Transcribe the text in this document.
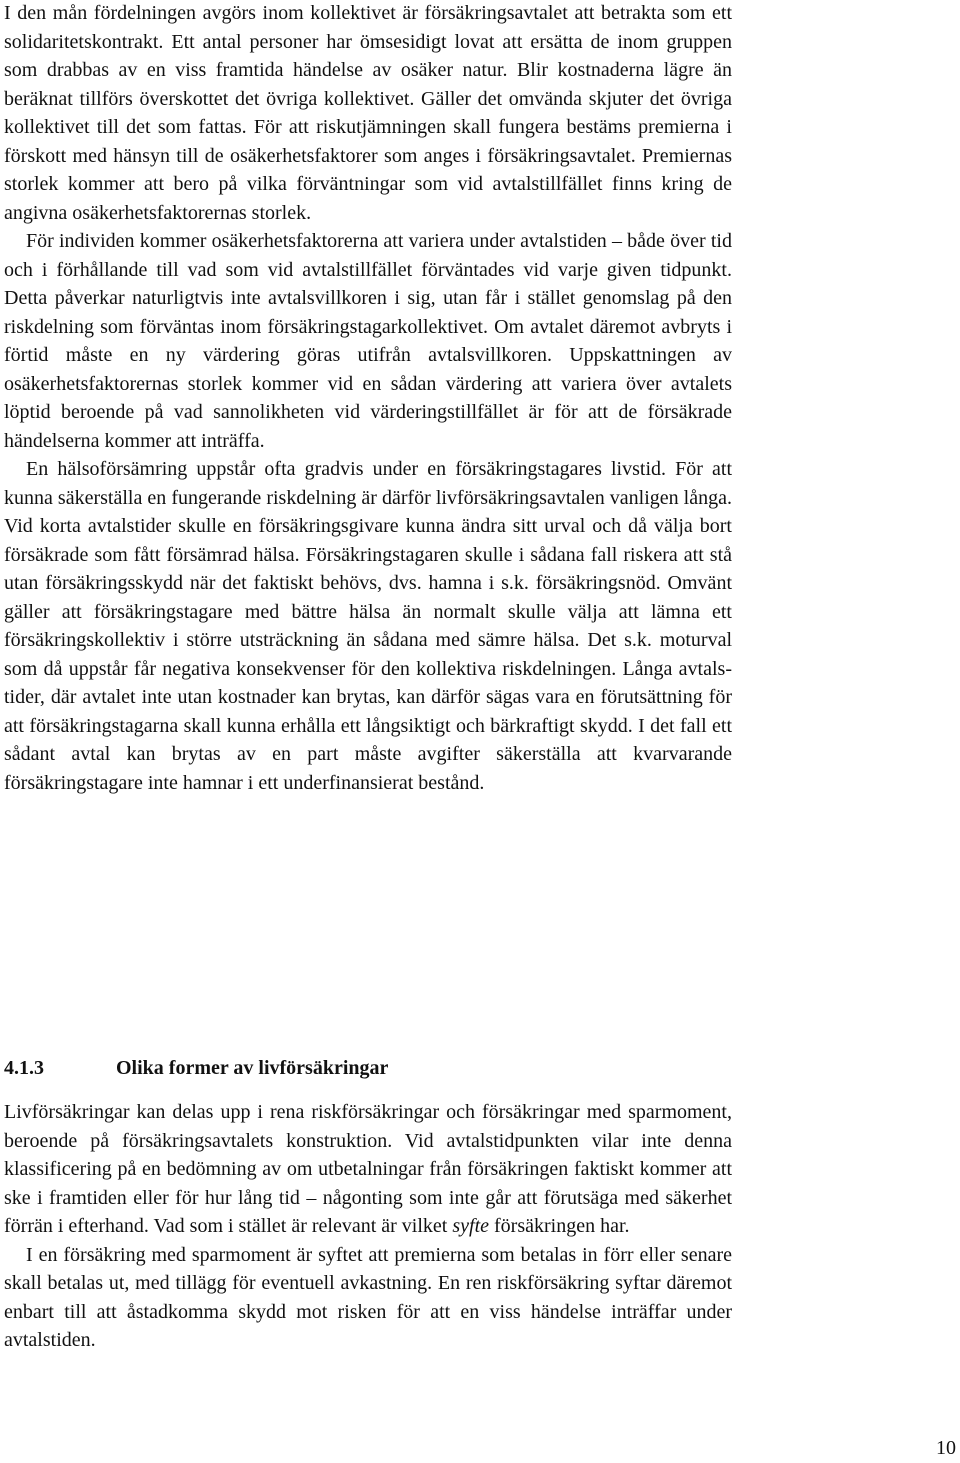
I den mån fördelningen avgörs inom kollektivet är försäkringsavtalet att betrakta som ett solidaritetskontrakt. Ett antal personer har ömsesidigt lovat att ersätta de inom gruppen som drabbas av en viss framtida händelse av osäker natur. Blir kostnaderna lägre än beräknat tillförs överskottet det övriga kollektivet. Gäller det omvända skjuter det övriga kollektivet till det som fattas. För att riskutjämningen skall fungera bestäms premierna i förskott med hänsyn till de osäkerhetsfaktorer som anges i försäkringsavtalet. Premiernas storlek kommer att bero på vilka förväntningar som vid avtalstillfället finns kring de angivna osäkerhetsfaktorernas storlek.

För individen kommer osäkerhetsfaktorerna att variera under avtalstiden – både över tid och i förhållande till vad som vid avtalstillfället förväntades vid varje given tidpunkt. Detta påverkar naturligtvis inte avtalsvillkoren i sig, utan får i stället genomslag på den riskdelning som förväntas inom försäkringstagarkollektivet. Om avtalet däremot avbryts i förtid måste en ny värdering göras utifrån avtalsvillkoren. Uppskattningen av osäkerhetsfaktorernas storlek kommer vid en sådan värdering att variera över avtalets löptid beroende på vad sannolikheten vid värderingstillfället är för att de försäkrade händelserna kommer att inträffa.

En hälsoförsämring uppstår ofta gradvis under en försäkringstagares livstid. För att kunna säkerställa en fungerande riskdelning är därför livförsäkringsavtalen vanligen långa. Vid korta avtalstider skulle en försäkringsgivare kunna ändra sitt urval och då välja bort försäkrade som fått försämrad hälsa. Försäkringstagaren skulle i sådana fall riskera att stå utan försäkringsskydd när det faktiskt behövs, dvs. hamna i s.k. försäkringsnöd. Omvänt gäller att försäkringstagare med bättre hälsa än normalt skulle välja att lämna ett försäkringskollektiv i större utsträckning än sådana med sämre hälsa. Det s.k. moturval som då uppstår får negativa konsekvenser för den kollektiva riskdelningen. Långa avtalstider, där avtalet inte utan kostnader kan brytas, kan därför sägas vara en förutsättning för att försäkringstagarna skall kunna erhålla ett långsiktigt och bärkraftigt skydd. I det fall ett sådant avtal kan brytas av en part måste avgifter säkerställa att kvarvarande försäkringstagare inte hamnar i ett underfinansierat bestånd.

4.1.3	Olika former av livförsäkringar

Livförsäkringar kan delas upp i rena riskförsäkringar och försäkringar med sparmoment, beroende på försäkringsavtalets konstruktion. Vid avtalstidpunkten vilar inte denna klassificering på en bedömning av om utbetalningar från försäkringen faktiskt kommer att ske i framtiden eller för hur lång tid – någonting som inte går att förutsäga med säkerhet förrän i efterhand. Vad som i stället är relevant är vilket syfte försäkringen har.

I en försäkring med sparmoment är syftet att premierna som betalas in förr eller senare skall betalas ut, med tillägg för eventuell avkastning. En ren riskförsäkring syftar däremot enbart till att åstadkomma skydd mot risken för att en viss händelse inträffar under avtalstiden.

10
